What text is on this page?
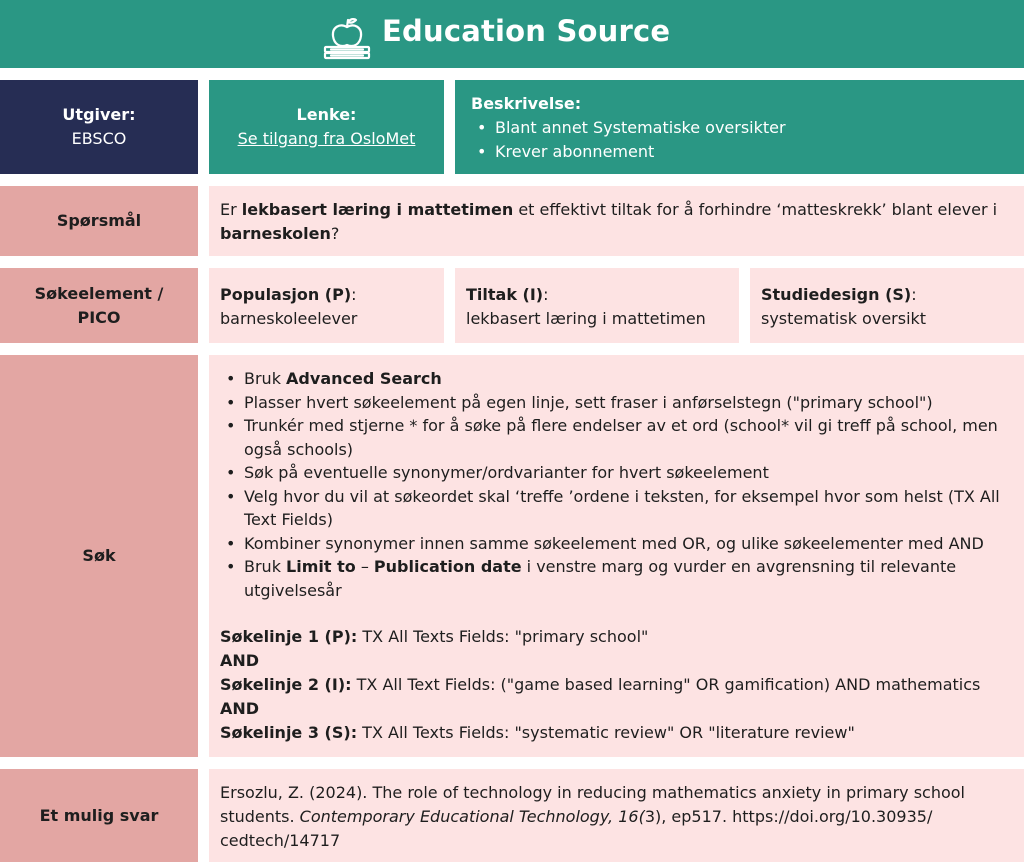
Education Source
Utgiver:
EBSCO
Lenke:
Se tilgang fra OsloMet
Beskrivelse:
• Blant annet Systematiske oversikter
• Krever abonnement
Spørsmål
Er lekbasert læring i mattetimen et effektivt tiltak for å forhindre ‘matteskrekk’ blant elever i barneskolen?
Søkeelement /
PICO
Populasjon (P):
barneskoleelever
Tiltak (I):
lekbasert læring i mattetimen
Studiedesign (S):
systematisk oversikt
Søk
• Bruk Advanced Search
• Plasser hvert søkeelement på egen linje, sett fraser i anførselstegn ("primary school")
• Trunkér med stjerne * for å søke på flere endelser av et ord (school* vil gi treff på school, men
også schools)
• Søk på eventuelle synonymer/ordvarianter for hvert søkeelement
• Velg hvor du vil at søkeordet skal ‘treffe ’ordene i teksten, for eksempel hvor som helst (TX All
Text Fields)
• Kombiner synonymer innen samme søkeelement med OR, og ulike søkeelementer med AND
• Bruk Limit to – Publication date i venstre marg og vurder en avgrensning til relevante
utgivelsesår

Søkelinje 1 (P): TX All Texts Fields: "primary school"

AND

Søkelinje 2 (I): TX All Text Fields: ("game based learning" OR gamification) AND mathematics

AND

Søkelinje 3 (S): TX All Texts Fields: "systematic review" OR "literature review"

Et mulig svar
Ersozlu, Z. (2024). The role of technology in reducing mathematics anxiety in primary school
students. Contemporary Educational Technology, 16(3), ep517. https://doi.org/10.30935/
cedtech/14717
